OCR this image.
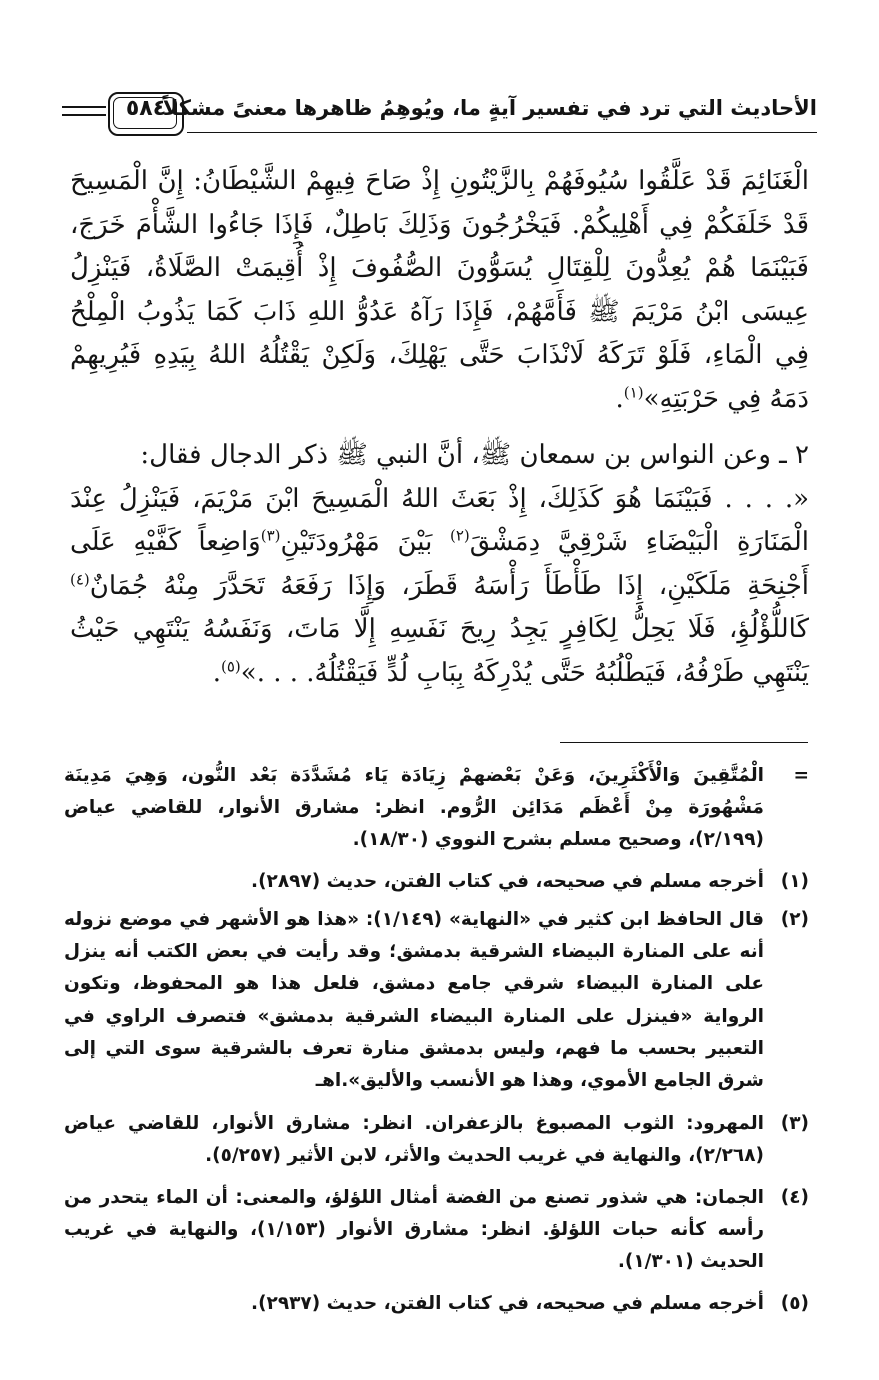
٥٨٤
الأحاديث التي ترد في تفسير آيةٍ ما، ويُوهِمُ ظاهرها معنىً مشكلاً

الْغَنَائِمَ قَدْ عَلَّقُوا سُيُوفَهُمْ بِالزَّيْتُونِ إِذْ صَاحَ فِيهِمْ الشَّيْطَانُ: إِنَّ الْمَسِيحَ قَدْ خَلَفَكُمْ فِي أَهْلِيكُمْ. فَيَخْرُجُونَ وَذَلِكَ بَاطِلٌ، فَإِذَا جَاءُوا الشَّأْمَ خَرَجَ، فَبَيْنَمَا هُمْ يُعِدُّونَ لِلْقِتَالِ يُسَوُّونَ الصُّفُوفَ إِذْ أُقِيمَتْ الصَّلَاةُ، فَيَنْزِلُ عِيسَى ابْنُ مَرْيَمَ ﷺ فَأَمَّهُمْ، فَإِذَا رَآهُ عَدُوُّ اللهِ ذَابَ كَمَا يَذُوبُ الْمِلْحُ فِي الْمَاءِ، فَلَوْ تَرَكَهُ لَانْذَابَ حَتَّى يَهْلِكَ، وَلَكِنْ يَقْتُلُهُ اللهُ بِيَدِهِ فَيُرِيهِمْ دَمَهُ فِي حَرْبَتِهِ»$^{(١)}$.

٢ ـ وعن النواس بن سمعان ﷺ، أنَّ النبي ﷺ ذكر الدجال فقال:

«. . . . فَبَيْنَمَا هُوَ كَذَلِكَ، إِذْ بَعَثَ اللهُ الْمَسِيحَ ابْنَ مَرْيَمَ، فَيَنْزِلُ عِنْدَ الْمَنَارَةِ الْبَيْضَاءِ شَرْقِيَّ دِمَشْقَ$^{(٢)}$ بَيْنَ مَهْرُودَتَيْنِ$^{(٣)}$وَاضِعاً كَفَّيْهِ عَلَى أَجْنِحَةِ مَلَكَيْنِ، إِذَا طَأْطَأَ رَأْسَهُ قَطَرَ، وَإِذَا رَفَعَهُ تَحَدَّرَ مِنْهُ جُمَانٌ$^{(٤)}$ كَاللُّؤْلُؤِ، فَلَا يَحِلُّ لِكَافِرٍ يَجِدُ رِيحَ نَفَسِهِ إِلَّا مَاتَ، وَنَفَسُهُ يَنْتَهِي حَيْثُ يَنْتَهِي طَرْفُهُ، فَيَطْلُبُهُ حَتَّى يُدْرِكَهُ بِبَابِ لُدٍّ فَيَقْتُلُهُ. . . .»$^{(٥)}$.

=
الْمُتَّقِينَ وَالْأَكْثَرِينَ، وَعَنْ بَعْضهمْ زِيَادَة يَاء مُشَدَّدَة بَعْد النُّون، وَهِيَ مَدِينَة مَشْهُورَة مِنْ أَعْظَم مَدَائِن الرُّوم. انظر: مشارق الأنوار، للقاضي عياض (٢/١٩٩)، وصحيح مسلم بشرح النووي (١٨/٣٠).
(١)
أخرجه مسلم في صحيحه، في كتاب الفتن، حديث (٢٨٩٧).
(٢)
قال الحافظ ابن كثير في «النهاية» (١/١٤٩): «هذا هو الأشهر في موضع نزوله أنه على المنارة البيضاء الشرقية بدمشق؛ وقد رأيت في بعض الكتب أنه ينزل على المنارة البيضاء شرقي جامع دمشق، فلعل هذا هو المحفوظ، وتكون الرواية «فينزل على المنارة البيضاء الشرقية بدمشق» فتصرف الراوي في التعبير بحسب ما فهم، وليس بدمشق منارة تعرف بالشرقية سوى التي إلى شرق الجامع الأموي، وهذا هو الأنسب والأليق».اهـ
(٣)
المهرود: الثوب المصبوغ بالزعفران. انظر: مشارق الأنوار، للقاضي عياض (٢/٢٦٨)، والنهاية في غريب الحديث والأثر، لابن الأثير (٥/٢٥٧).
(٤)
الجمان: هي شذور تصنع من الفضة أمثال اللؤلؤ، والمعنى: أن الماء يتحدر من رأسه كأنه حبات اللؤلؤ. انظر: مشارق الأنوار (١/١٥٣)، والنهاية في غريب الحديث (١/٣٠١).
(٥)
أخرجه مسلم في صحيحه، في كتاب الفتن، حديث (٢٩٣٧).
